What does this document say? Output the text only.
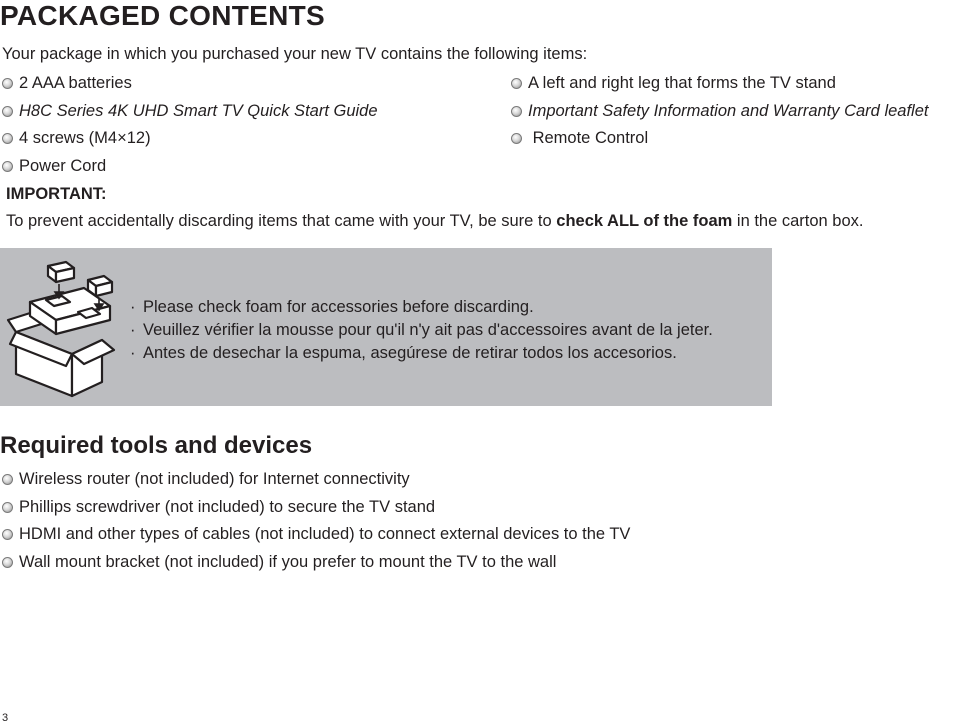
PACKAGED CONTENTS
Your package in which you purchased your new TV contains the following items:
2 AAA batteries
H8C Series 4K UHD Smart TV Quick Start Guide
4 screws (M4×12)
Power Cord
A left and right leg that forms the TV stand
Important Safety Information and Warranty Card leaflet
Remote Control
IMPORTANT:
To prevent accidentally discarding items that came with your TV, be sure to check ALL of the foam in the carton box.
· Please check foam for accessories before discarding.
· Veuillez vérifier la mousse pour qu'il n'y ait pas d'accessoires avant de la jeter.
· Antes de desechar la espuma, asegúrese de retirar todos los accesorios.
Required tools and devices
Wireless router (not included) for Internet connectivity
Phillips screwdriver (not included) to secure the TV stand
HDMI and other types of cables (not included) to connect external devices to the TV
Wall mount bracket (not included) if you prefer to mount the TV to the wall
3
